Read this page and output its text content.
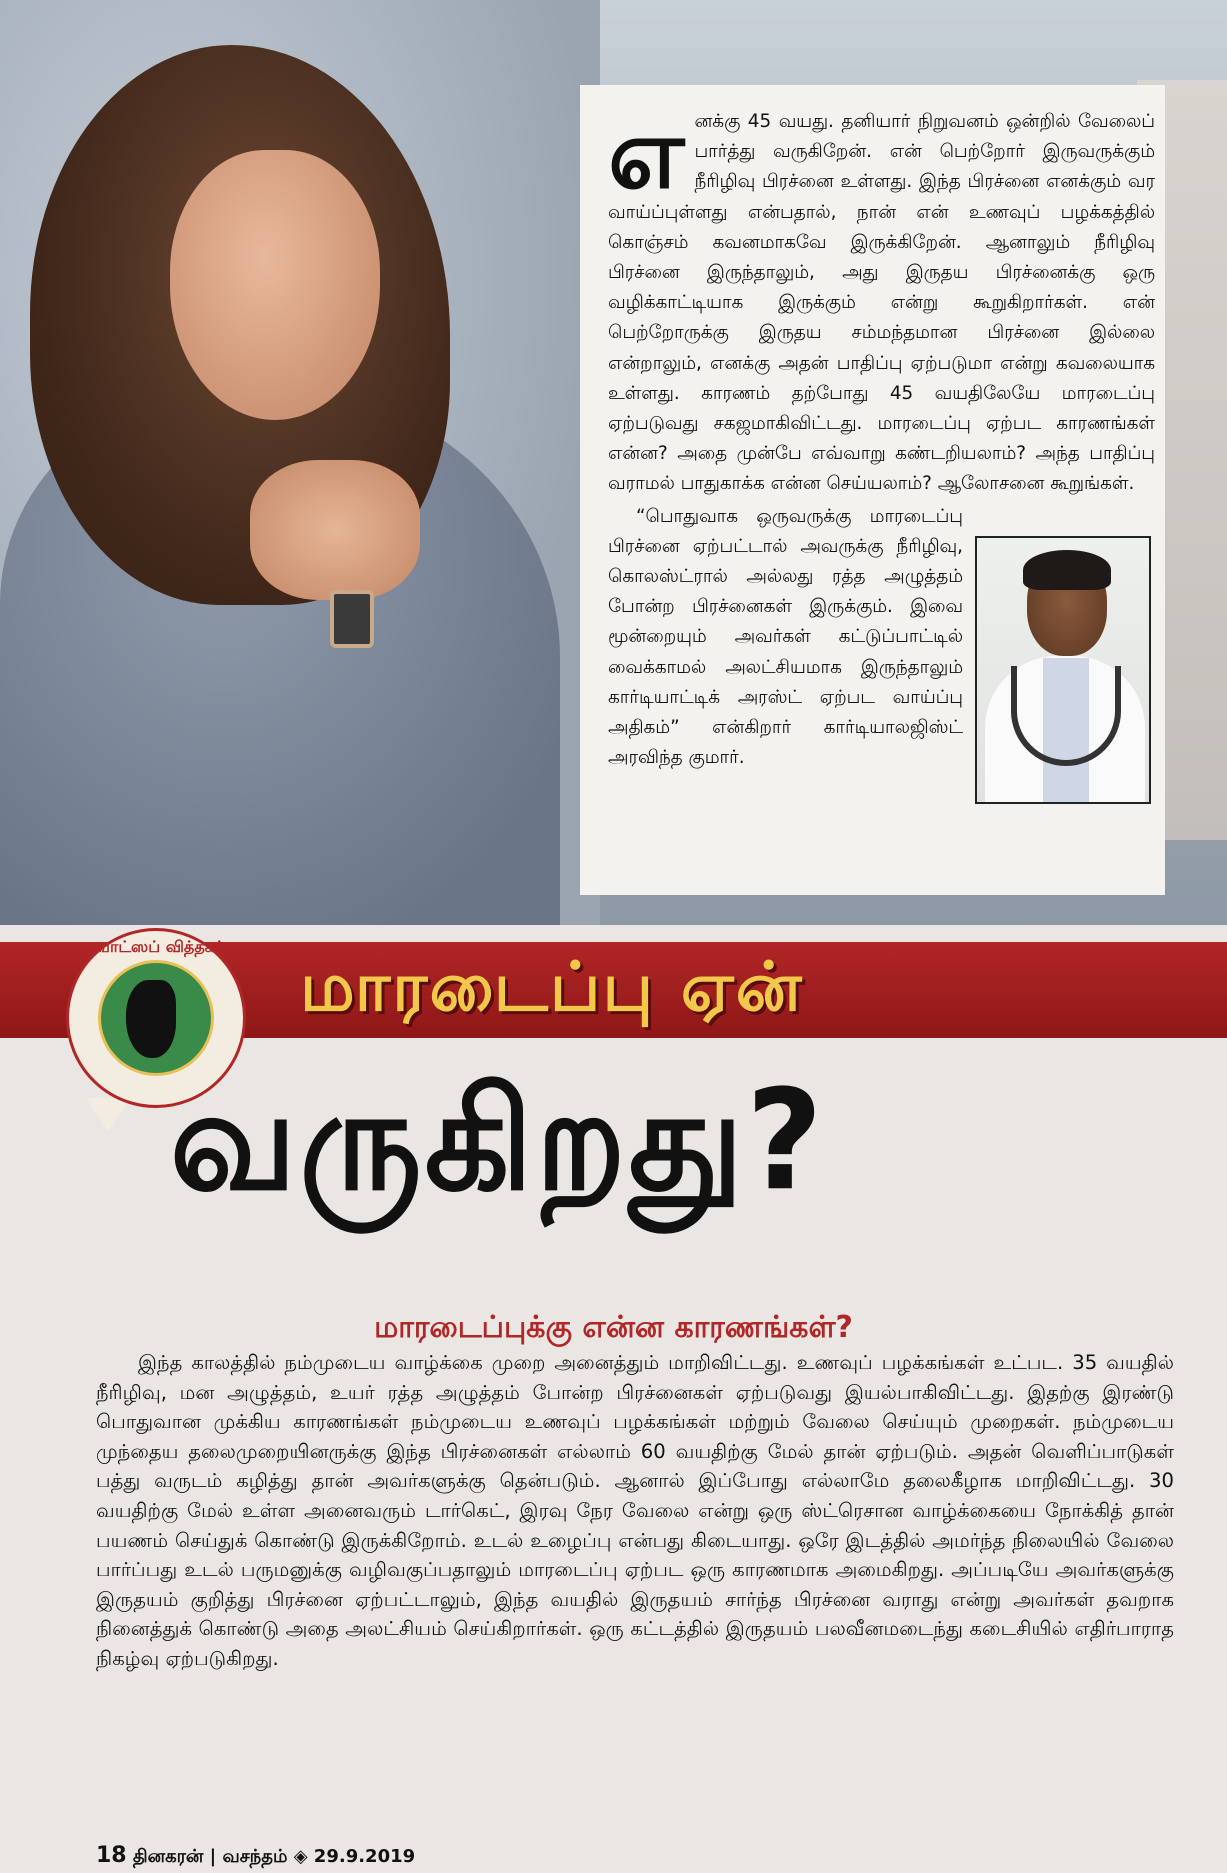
எ னக்கு 45 வயது. தனியார் நிறுவனம் ஒன்றில் வேலைப் பார்த்து வருகிறேன். என் பெற்றோர் இருவருக்கும் நீரிழிவு பிரச்னை உள்ளது. இந்த பிரச்னை எனக்கும் வர வாய்ப்புள்ளது என்பதால், நான் என் உணவுப் பழக்கத்தில் கொஞ்சம் கவனமாகவே இருக்கிறேன். ஆனாலும் நீரிழிவு பிரச்னை இருந்தாலும், அது இருதய பிரச்னைக்கு ஒரு வழிக்காட்டியாக இருக்கும் என்று கூறுகிறார்கள். என் பெற்றோருக்கு இருதய சம்மந்தமான பிரச்னை இல்லை என்றாலும், எனக்கு அதன் பாதிப்பு ஏற்படுமா என்று கவலையாக உள்ளது. காரணம் தற்போது 45 வயதிலேயே மாரடைப்பு ஏற்படுவது சகஜமாகிவிட்டது. மாரடைப்பு ஏற்பட காரணங்கள் என்ன? அதை முன்பே எவ்வாறு கண்டறியலாம்? அந்த பாதிப்பு வராமல் பாதுகாக்க என்ன செய்யலாம்? ஆலோசனை கூறுங்கள்.

“பொதுவாக ஒருவருக்கு மாரடைப்பு பிரச்னை ஏற்பட்டால் அவருக்கு நீரிழிவு, கொலஸ்ட்ரால் அல்லது ரத்த அழுத்தம் போன்ற பிரச்னைகள் இருக்கும். இவை மூன்றையும் அவர்கள் கட்டுப்பாட்டில் வைக்காமல் அலட்சியமாக இருந்தாலும் கார்டியாட்டிக் அரஸ்ட் ஏற்பட வாய்ப்பு அதிகம்” என்கிறார் கார்டியாலஜிஸ்ட் அரவிந்த குமார்.

வாட்ஸப் வித்தகர்
மாரடைப்பு ஏன்
வருகிறது?
மாரடைப்புக்கு என்ன காரணங்கள்?

இந்த காலத்தில் நம்முடைய வாழ்க்கை முறை அனைத்தும் மாறிவிட்டது. உணவுப் பழக்கங்கள் உட்பட. 35 வயதில் நீரிழிவு, மன அழுத்தம், உயர் ரத்த அழுத்தம் போன்ற பிரச்னைகள் ஏற்படுவது இயல்பாகிவிட்டது. இதற்கு இரண்டு பொதுவான முக்கிய காரணங்கள் நம்முடைய உணவுப் பழக்கங்கள் மற்றும் வேலை செய்யும் முறைகள். நம்முடைய முந்தைய தலைமுறையினருக்கு இந்த பிரச்னைகள் எல்லாம் 60 வயதிற்கு மேல் தான் ஏற்படும். அதன் வெளிப்பாடுகள் பத்து வருடம் கழித்து தான் அவர்களுக்கு தென்படும். ஆனால் இப்போது எல்லாமே தலைகீழாக மாறிவிட்டது. 30 வயதிற்கு மேல் உள்ள அனைவரும் டார்கெட், இரவு நேர வேலை என்று ஒரு ஸ்ட்ரெசான வாழ்க்கையை நோக்கித் தான் பயணம் செய்துக் கொண்டு இருக்கிறோம். உடல் உழைப்பு என்பது கிடையாது. ஒரே இடத்தில் அமர்ந்த நிலையில் வேலை பார்ப்பது உடல் பருமனுக்கு வழிவகுப்பதாலும் மாரடைப்பு ஏற்பட ஒரு காரணமாக அமைகிறது. அப்படியே அவர்களுக்கு இருதயம் குறித்து பிரச்னை ஏற்பட்டாலும், இந்த வயதில் இருதயம் சார்ந்த பிரச்னை வராது என்று அவர்கள் தவறாக நினைத்துக் கொண்டு அதை அலட்சியம் செய்கிறார்கள். ஒரு கட்டத்தில் இருதயம் பலவீனமடைந்து கடைசியில் எதிர்பாராத நிகழ்வு ஏற்படுகிறது.

18 தினகரன் | வசந்தம் ◈ 29.9.2019
